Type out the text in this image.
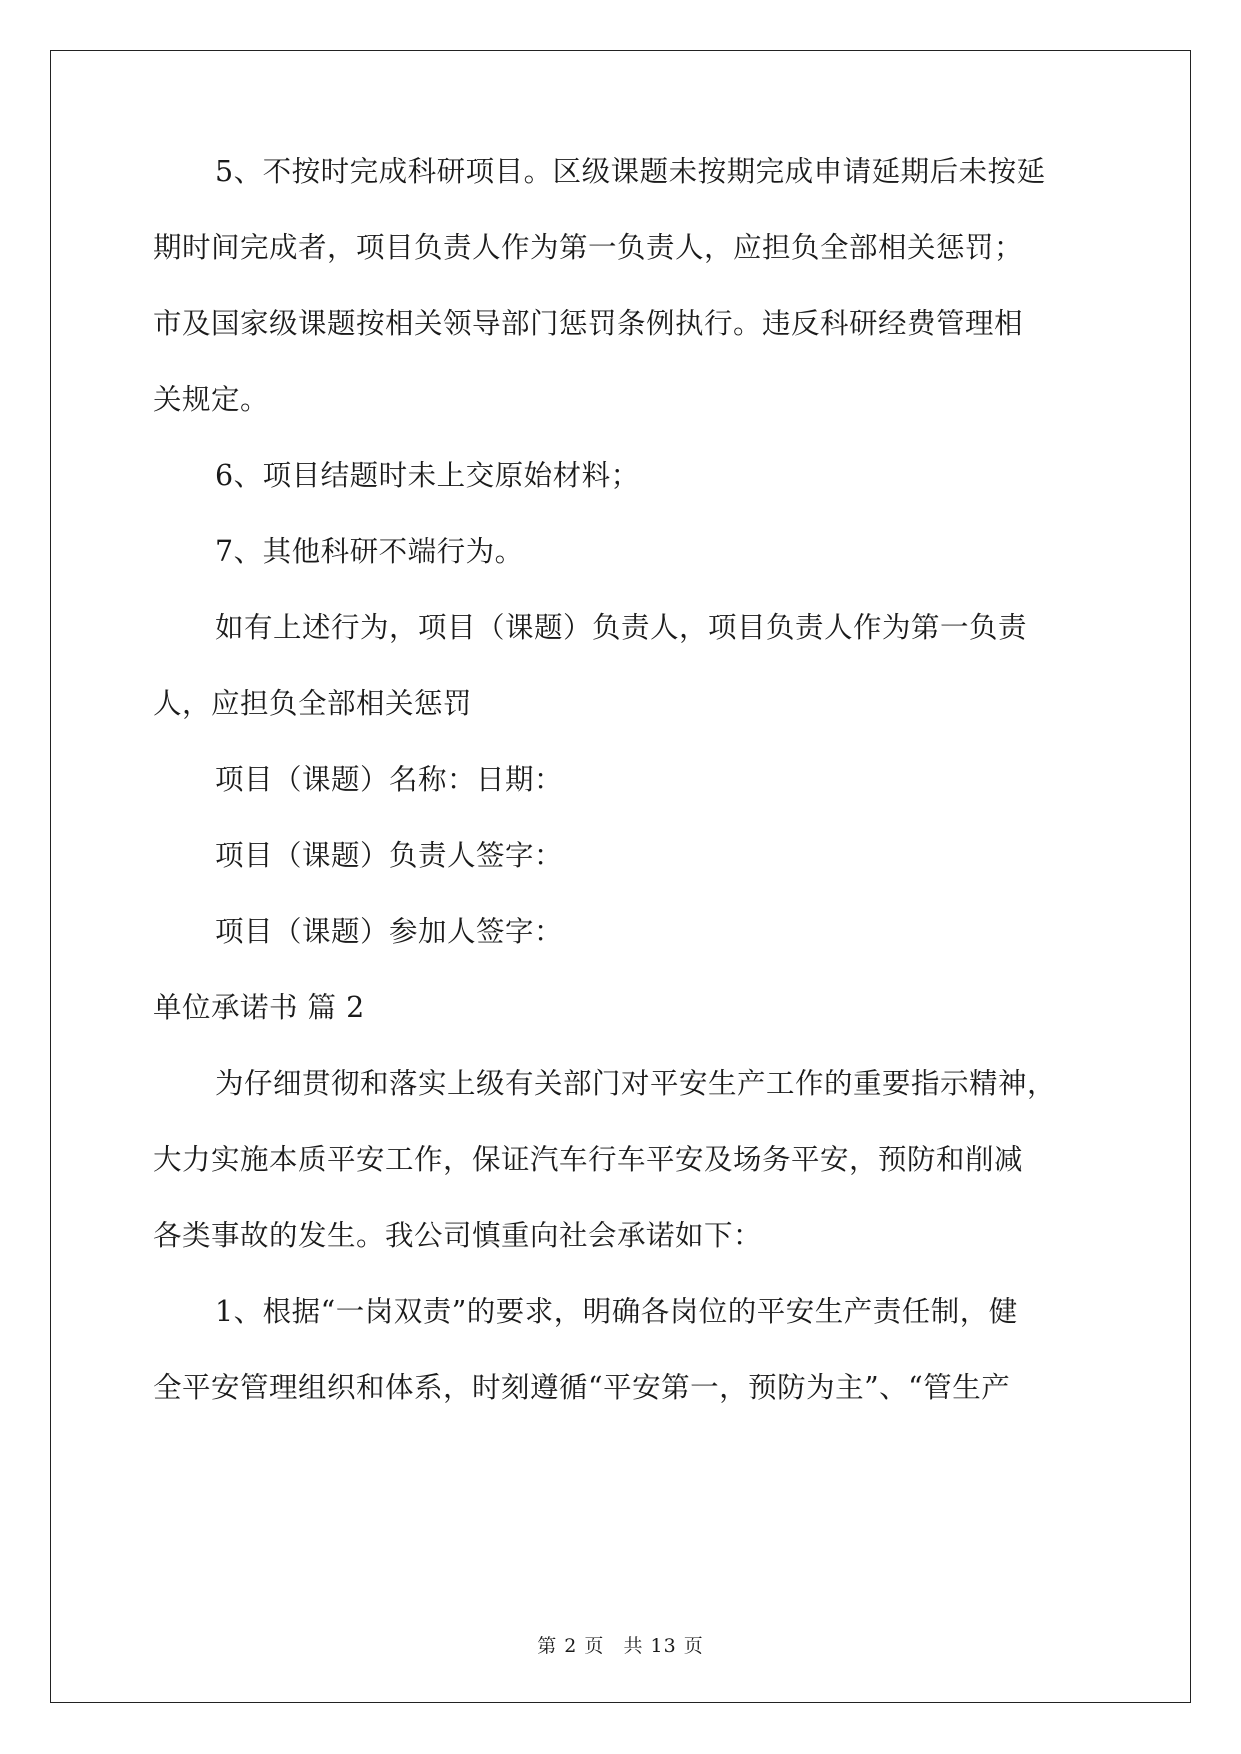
5、不按时完成科研项目。区级课题未按期完成申请延期后未按延
期时间完成者，项目负责人作为第一负责人，应担负全部相关惩罚；
市及国家级课题按相关领导部门惩罚条例执行。违反科研经费管理相
关规定。
6、项目结题时未上交原始材料；
7、其他科研不端行为。
如有上述行为，项目（课题）负责人，项目负责人作为第一负责
人，应担负全部相关惩罚
项目（课题）名称：日期：
项目（课题）负责人签字：
项目（课题）参加人签字：
单位承诺书 篇 2
为仔细贯彻和落实上级有关部门对平安生产工作的重要指示精神，
大力实施本质平安工作，保证汽车行车平安及场务平安，预防和削减
各类事故的发生。我公司慎重向社会承诺如下：
1、根据“一岗双责”的要求，明确各岗位的平安生产责任制，健
全平安管理组织和体系，时刻遵循“平安第一，预防为主”、“管生产
第 2 页 共 13 页
